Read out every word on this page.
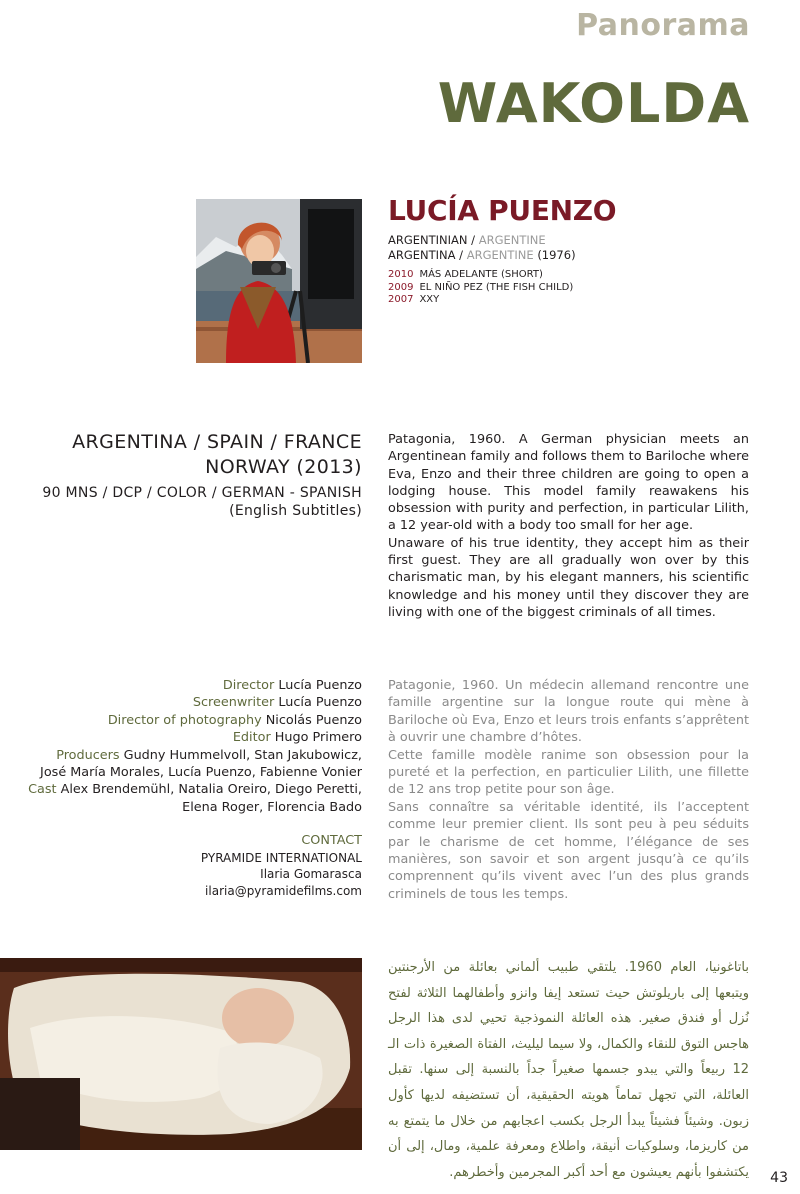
Panorama
WAKOLDA
LUCÍA PUENZO
ARGENTINIAN / ARGENTINE
ARGENTINA / ARGENTINE (1976)
2010 MÁS ADELANTE (SHORT)
2009 EL NIÑO PEZ (THE FISH CHILD)
2007 XXY
ARGENTINA / SPAIN / FRANCE
NORWAY (2013)
90 MNS / DCP / COLOR / GERMAN - SPANISH
(English Subtitles)

Patagonia, 1960. A German physician meets an Argentinean family and follows them to Bariloche where Eva, Enzo and their three children are going to open a lodging house. This model family reawakens his obsession with purity and perfection, in particular Lilith, a 12 year-old with a body too small for her age.

Unaware of his true identity, they accept him as their first guest. They are all gradually won over by this charismatic man, by his elegant manners, his scientific knowledge and his money until they discover they are living with one of the biggest criminals of all times.

Director Lucía Puenzo
Screenwriter Lucía Puenzo
Director of photography Nicolás Puenzo
Editor Hugo Primero
Producers Gudny Hummelvoll, Stan Jakubowicz,
José María Morales, Lucía Puenzo, Fabienne Vonier
Cast Alex Brendemühl, Natalia Oreiro, Diego Peretti,
Elena Roger, Florencia Bado
CONTACT
PYRAMIDE INTERNATIONAL
Ilaria Gomarasca
ilaria@pyramidefilms.com

Patagonie, 1960. Un médecin allemand rencontre une famille argentine sur la longue route qui mène à Bariloche où Eva, Enzo et leurs trois enfants s’apprêtent à ouvrir une chambre d’hôtes.

Cette famille modèle ranime son obsession pour la pureté et la perfection, en particulier Lilith, une fillette de 12 ans trop petite pour son âge.

Sans connaître sa véritable identité, ils l’acceptent comme leur premier client. Ils sont peu à peu séduits par le charisme de cet homme, l’élégance de ses manières, son savoir et son argent jusqu’à ce qu’ils comprennent qu’ils vivent avec l’un des plus grands criminels de tous les temps.

باتاغونيا، العام 1960. يلتقي طبيب ألماني بعائلة من الأرجنتين ويتبعها إلى باريلوتش حيث تستعد إيفا وانزو وأطفالهما الثلاثة لفتح نُزل أو فندق صغير. هذه العائلة النموذجية تحيي لدى هذا الرجل هاجس التوق للنقاء والكمال، ولا سيما ليليث، الفتاة الصغيرة ذات الـ 12 ربيعاً والتي يبدو جسمها صغيراً جداً بالنسبة إلى سنها. تقبل العائلة، التي تجهل تماماً هويته الحقيقية، أن تستضيفه لديها كأول زبون. وشيئاً فشيئاً يبدأ الرجل بكسب اعجابهم من خلال ما يتمتع به من كاريزما، وسلوكيات أنيقة، واطلاع ومعرفة علمية، ومال، إلى أن يكتشفوا بأنهم يعيشون مع أحد أكبر المجرمين وأخطرهم. 43
